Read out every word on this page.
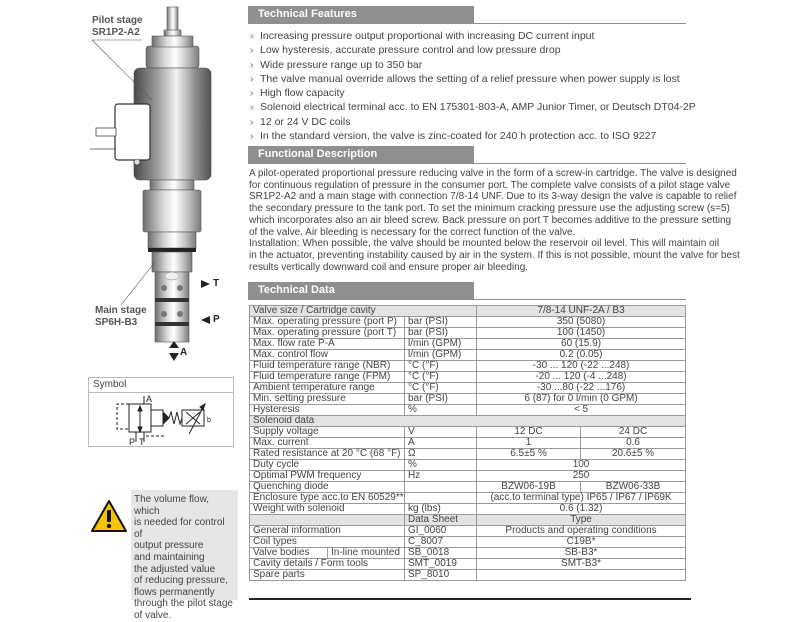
Pilot stage
SR1P2-A2
Main stage
SP6H-B3
T
P
A
Symbol
A
P T
b
The volume flow, which
is needed for control of
output pressure
and maintaining
the adjusted value
of reducing pressure,
flows permanently
through the pilot stage
of valve.
Technical Features
› Increasing pressure output proportional with increasing DC current input
› Low hysteresis, accurate pressure control and low pressure drop
› Wide pressure range up to 350 bar
› The valve manual override allows the setting of a relief pressure when power supply is lost
› High flow capacity
› Solenoid electrical terminal acc. to EN 175301-803-A, AMP Junior Timer, or Deutsch DT04-2P
› 12 or 24 V DC coils
› In the standard version, the valve is zinc-coated for 240 h protection acc. to ISO 9227
Functional Description

A pilot-operated proportional pressure reducing valve in the form of a screw-in cartridge. The valve is designed

for continuous regulation of pressure in the consumer port. The complete valve consists of a pilot stage valve

SR1P2-A2 and a main stage with connection 7/8-14 UNF. Due to its 3-way design the valve is capable to relief

the secondary pressure to the tank port. To set the minimum cracking pressure use the adjusting screw (s=5)

which incorporates also an air bleed screw. Back pressure on port T becomes additive to the pressure setting

of the valve. Air bleeding is necessary for the correct function of the valve.

Installation: When possible, the valve should be mounted below the reservoir oil level. This will maintain oil

in the actuator, preventing instability caused by air in the system. If this is not possible, mount the valve for best

results vertically downward coil and ensure proper air bleeding.

Technical Data
Valve size / Cartridge cavity			7/8-14 UNF-2A / B3	
Max. operating pressure (port P)		bar (PSI)	350 (5080)	
Max. operating pressure (port T)		bar (PSI)	100 (1450)	
Max. flow rate P-A		l/min (GPM)	60 (15.9)	
Max. control flow		l/min (GPM)	0.2 (0.05)	
Fluid temperature range (NBR)		°C (°F)	-30 ... 120 (-22 ...248)	
Fluid temperature range (FPM)		°C (°F)	-20 ... 120 (-4 ...248)	
Ambient temperature range		°C (°F)	-30 ...80 (-22 ...176)	
Min. setting pressure		bar (PSI)	6 (87) for 0 l/min (0 GPM)	
Hysteresis		%	< 5	
Solenoid data				
Supply voltage		V	12 DC	24 DC
Max. current		A	1	0.6
Rated resistance at 20 °C (68 °F)		Ω	6.5±5 %	20.6±5 %
Duty cycle		%	100	
Optimal PWM frequency		Hz	250	
Quenching diode			BZW06-19B	BZW06-33B
Enclosure type acc.to EN 60529**			(acc.to terminal type) IP65 / IP67 / IP69K	
Weight with solenoid		kg (lbs)	0.6 (1.32)	
		Data Sheet	Type	
General information		GI_0060	Products and operating conditions	
Coil types		C_8007	C19B*	
Valve bodies	In-line mounted	SB_0018	SB-B3*	
Cavity details / Form tools		SMT_0019	SMT-B3*	
Spare parts		SP_8010		
